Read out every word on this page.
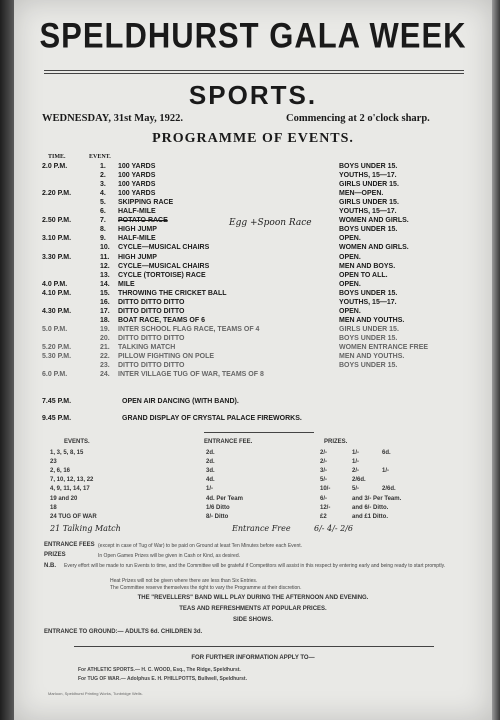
SPELDHURST GALA WEEK
SPORTS.
WEDNESDAY, 31st May, 1922.	Commencing at 2 o'clock sharp.
PROGRAMME OF EVENTS.
TIME.	EVENT.
2.0 P.M.	1. 100 YARDS	BOYS UNDER 15.
2. 100 YARDS	YOUTHS, 15—17.
3. 100 YARDS	GIRLS UNDER 15.
2.20 P.M.	4. 100 YARDS	MEN—OPEN.
5. SKIPPING RACE	GIRLS UNDER 15.
6. HALF-MILE	YOUTHS, 15—17.
2.50 P.M.	7. POTATO RACE	WOMEN AND GIRLS.
8. HIGH JUMP	BOYS UNDER 15.
3.10 P.M.	9. HALF-MILE	OPEN.
10. CYCLE—MUSICAL CHAIRS	WOMEN AND GIRLS.
3.30 P.M.	11. HIGH JUMP	OPEN.
12. CYCLE—MUSICAL CHAIRS	MEN AND BOYS.
13. CYCLE (TORTOISE) RACE	OPEN TO ALL.
4.0 P.M.	14. MILE	OPEN.
4.10 P.M.	15. THROWING THE CRICKET BALL	BOYS UNDER 15.
16. DITTO DITTO DITTO	YOUTHS, 15—17.
4.30 P.M.	17. DITTO DITTO DITTO	OPEN.
18. BOAT RACE, TEAMS OF 6	MEN AND YOUTHS.
5.0 P.M.	19. INTER SCHOOL FLAG RACE, TEAMS OF 4	GIRLS UNDER 15.
20. DITTO DITTO DITTO	BOYS UNDER 15.
5.20 P.M.	21. TALKING MATCH	WOMEN ENTRANCE FREE
5.30 P.M.	22. PILLOW FIGHTING ON POLE	MEN AND YOUTHS.
23. DITTO DITTO DITTO	BOYS UNDER 15.
6.0 P.M.	24. INTER VILLAGE TUG OF WAR, TEAMS OF 8
Egg +Spoon Race
7.45 P.M.	OPEN AIR DANCING (WITH BAND).
9.45 P.M.	GRAND DISPLAY OF CRYSTAL PALACE FIREWORKS.
EVENTS.	ENTRANCE FEE.	PRIZES.
1, 3, 5, 8, 15	2d.	2/-	1/-	6d.
23	2d.	2/-	1/-
2, 6, 16	3d.	3/-	2/-	1/-
7, 10, 12, 13, 22	4d.	5/-	2/6d.
4, 9, 11, 14, 17	1/-	10/-	5/-	2/6d.
19 and 20	4d. Per Team	6/-	and 3/- Per Team.
18	1/6 Ditto	12/-	and 6/- Ditto.
24 TUG OF WAR	8/- Ditto	£2	and £1 Ditto.
21 Talking Match	Entrance Free	6/- 4/- 2/6
ENTRANCE FEES (except in case of Tug of War) to be paid on Ground at least Ten Minutes before each Event.
PRIZES	In Open Games Prizes will be given in Cash or Kind, as desired.
N.B. Every effort will be made to run Events to time, and the Committee will be grateful if Competitors will assist in this respect by entering early and being ready to start promptly.
Heat Prizes will not be given where there are less than Six Entries.
The Committee reserve themselves the right to vary the Programme at their discretion.
THE "REVELLERS" BAND WILL PLAY DURING THE AFTERNOON AND EVENING.
TEAS AND REFRESHMENTS AT POPULAR PRICES.
SIDE SHOWS.
ENTRANCE TO GROUND:— ADULTS 6d. CHILDREN 3d.
FOR FURTHER INFORMATION APPLY TO—
For ATHLETIC SPORTS.— H. C. WOOD, Esq., The Ridge, Speldhurst.
For TUG OF WAR.— Adolphus E. H. PHILLPOTTS, Bullwell, Speldhurst.
Marloon, Speldhurst Printing Works, Tunbridge Wells.
